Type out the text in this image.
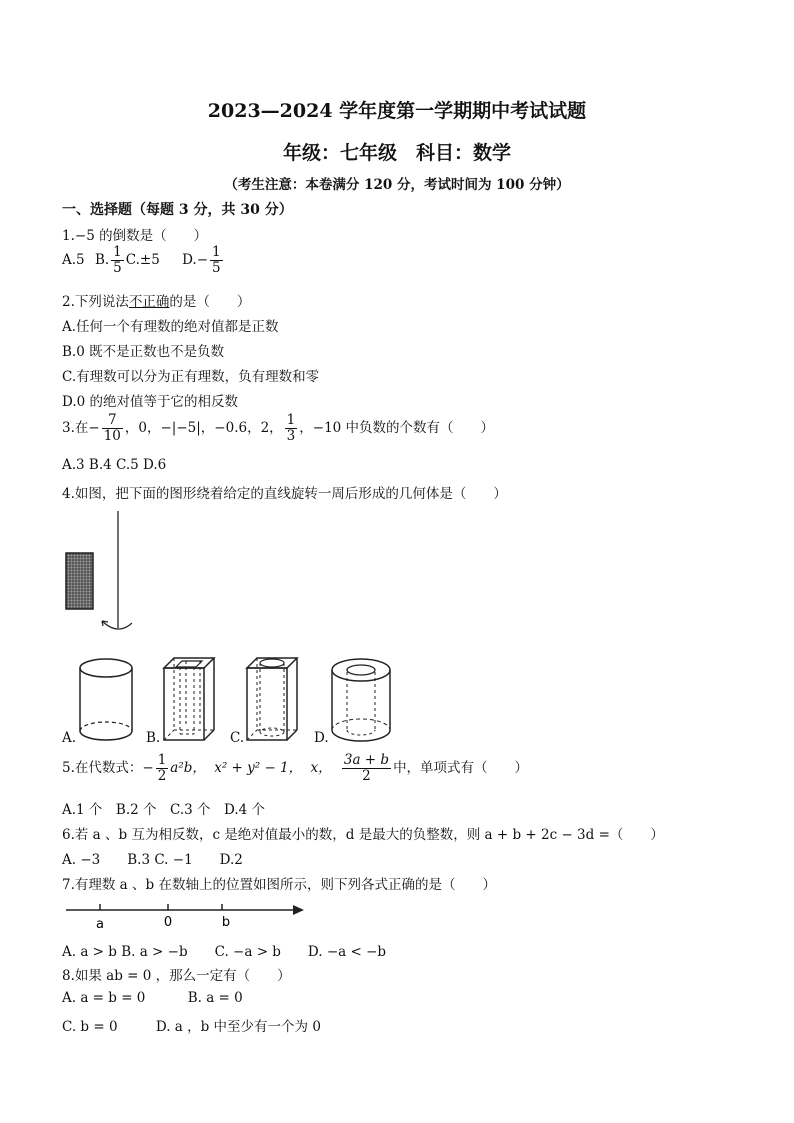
2023—2024 学年度第一学期期中考试试题
年级：七年级　科目：数学
（考生注意：本卷满分 120 分，考试时间为 100 分钟）
一、选择题（每题 3 分，共 30 分）
1.−5 的倒数是（　　）
A.5 B. $\frac{1}{5} C.\pm 5$ $D.- \frac{1}{5}$
2.下列说法不正确的是（　　）
A.任何一个有理数的绝对值都是正数
B.0 既不是正数也不是负数
C.有理数可以分为正有理数，负有理数和零
D.0 的绝对值等于它的相反数
3.在− $\frac{7}{10}$ ，0，−|−5|，−0.6，2， $\frac{1}{3}$ ，−10 中负数的个数有（　　）
A.3 B.4 C.5 D.6
4.如图，把下面的图形绕着给定的直线旋转一周后形成的几何体是（　　）
A.	B.	C.	D.
5.在代数式：− $\frac{1}{2} a^2b$， x² + y² − 1， x， $\frac{3a + b}{2}$ 中，单项式有（　　）
A.1 个　B.2 个　C.3 个　D.4 个
6.若 a 、b 互为相反数，c 是绝对值最小的数，d 是最大的负整数，则 a + b + 2c − 3d =（　　）
A. −3　　B.3 C. −1　　D.2
7.有理数 a 、b 在数轴上的位置如图所示，则下列各式正确的是（　　）
a	0	b
A. a > b B. a > −b　　C. −a > b　　D. −a < −b
8.如果 ab = 0 ，那么一定有（　　）
A. a = b = 0	B. a = 0
C. b = 0	D. a ，b 中至少有一个为 0
